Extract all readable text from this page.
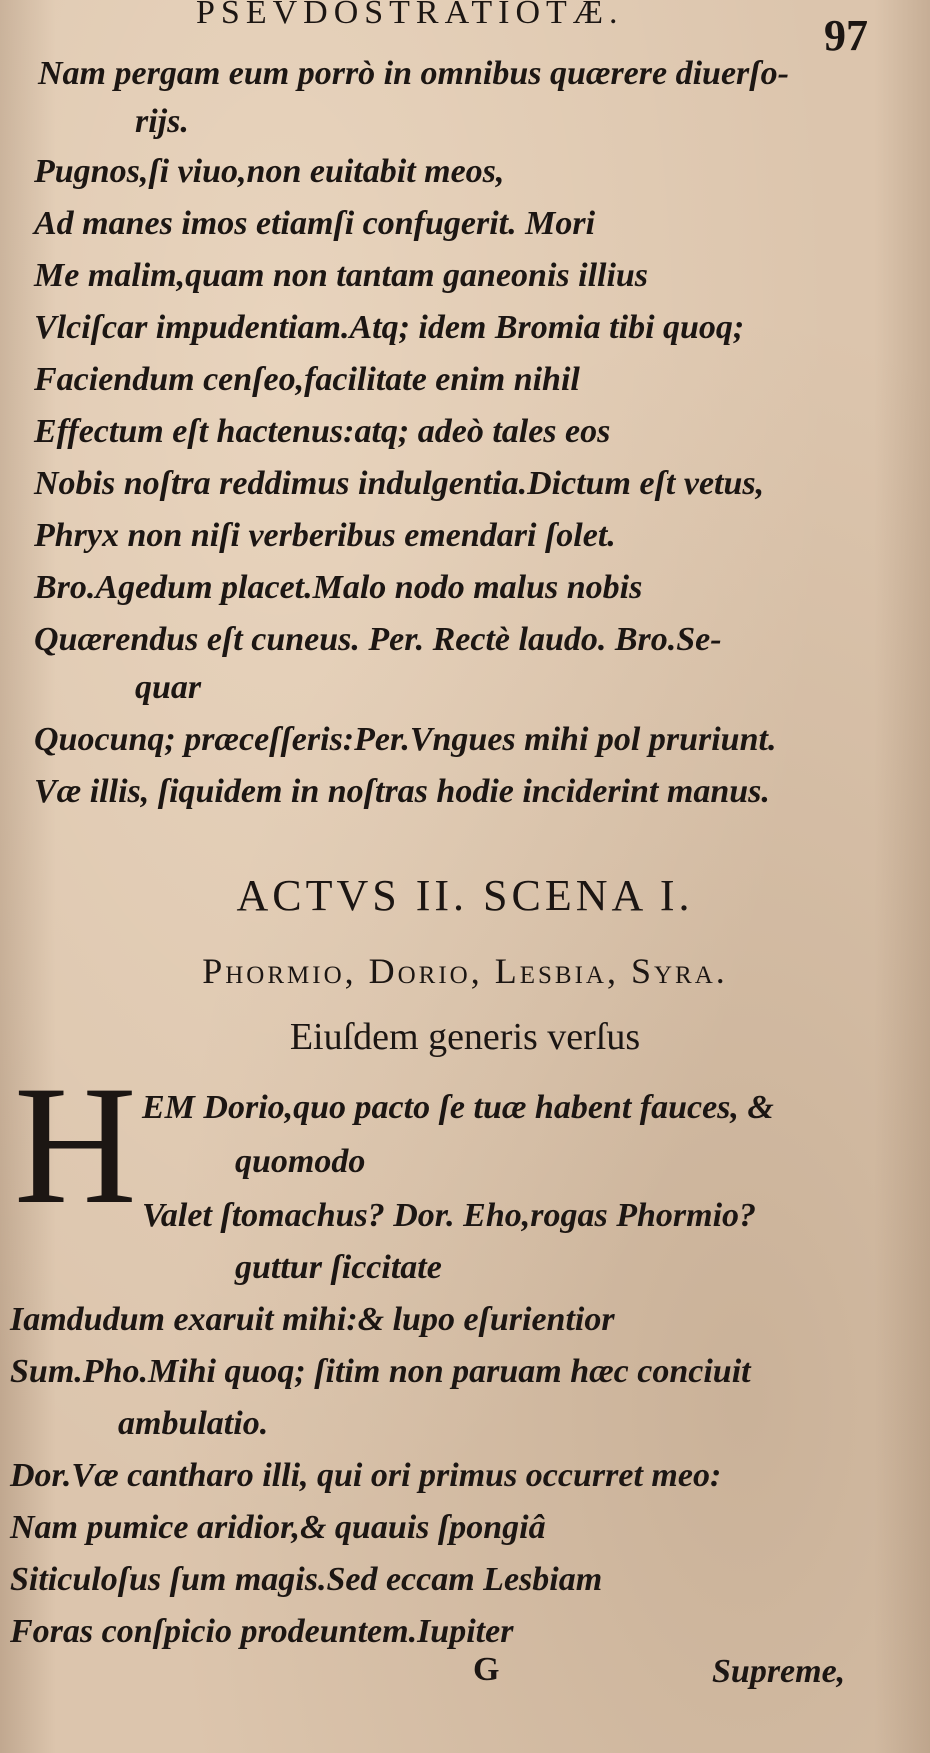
PSEVDOSTRATIOTÆ.	97
Nam pergam eum porrò in omnibus quærere diuerſo-
riјs.
Pugnos,ſi viuo,non euitabit meos,
Ad manes imos etiamſi confugerit. Mori
Me malim,quam non tantam ganeonis illius
Vlciſcar impudentiam.Atq; idem Bromia tibi quoq;
Faciendum cenſeo,facilitate enim nihil
Effectum eſt hactenus:atq; adeò tales eos
Nobis noſtra reddimus indulgentia.Dictum eſt vetus,
Phryx non niſi verberibus emendari ſolet.
Bro.Agedum placet.Malo nodo malus nobis
Quærendus eſt cuneus. Per. Rectè laudo. Bro.Se-
quar
Quocunq; præceſſeris:Per.Vngues mihi pol pruriunt.
Væ illis, ſiquidem in noſtras hodie inciderint manus.
ACTVS II. SCENA I.
Phormio, Dorio, Lesbia, Syra.
Eiuſdem generis verſus
H EM Dorio,quo pacto ſe tuæ habent fauces, &
quomodo
Valet ſtomachus? Dor. Eho,rogas Phormio?
guttur ſiccitate
Iamdudum exaruit mihi:& lupo eſurientior
Sum.Pho.Mihi quoq; ſitim non paruam hæc conciuit
ambulatio.
Dor.Væ cantharo illi, qui ori primus occurret meo:
Nam pumice aridior,& quauis ſpongiâ
Siticuloſus ſum magis.Sed eccam Lesbiam
Foras conſpicio prodeuntem.Iupiter
G	Supreme,
